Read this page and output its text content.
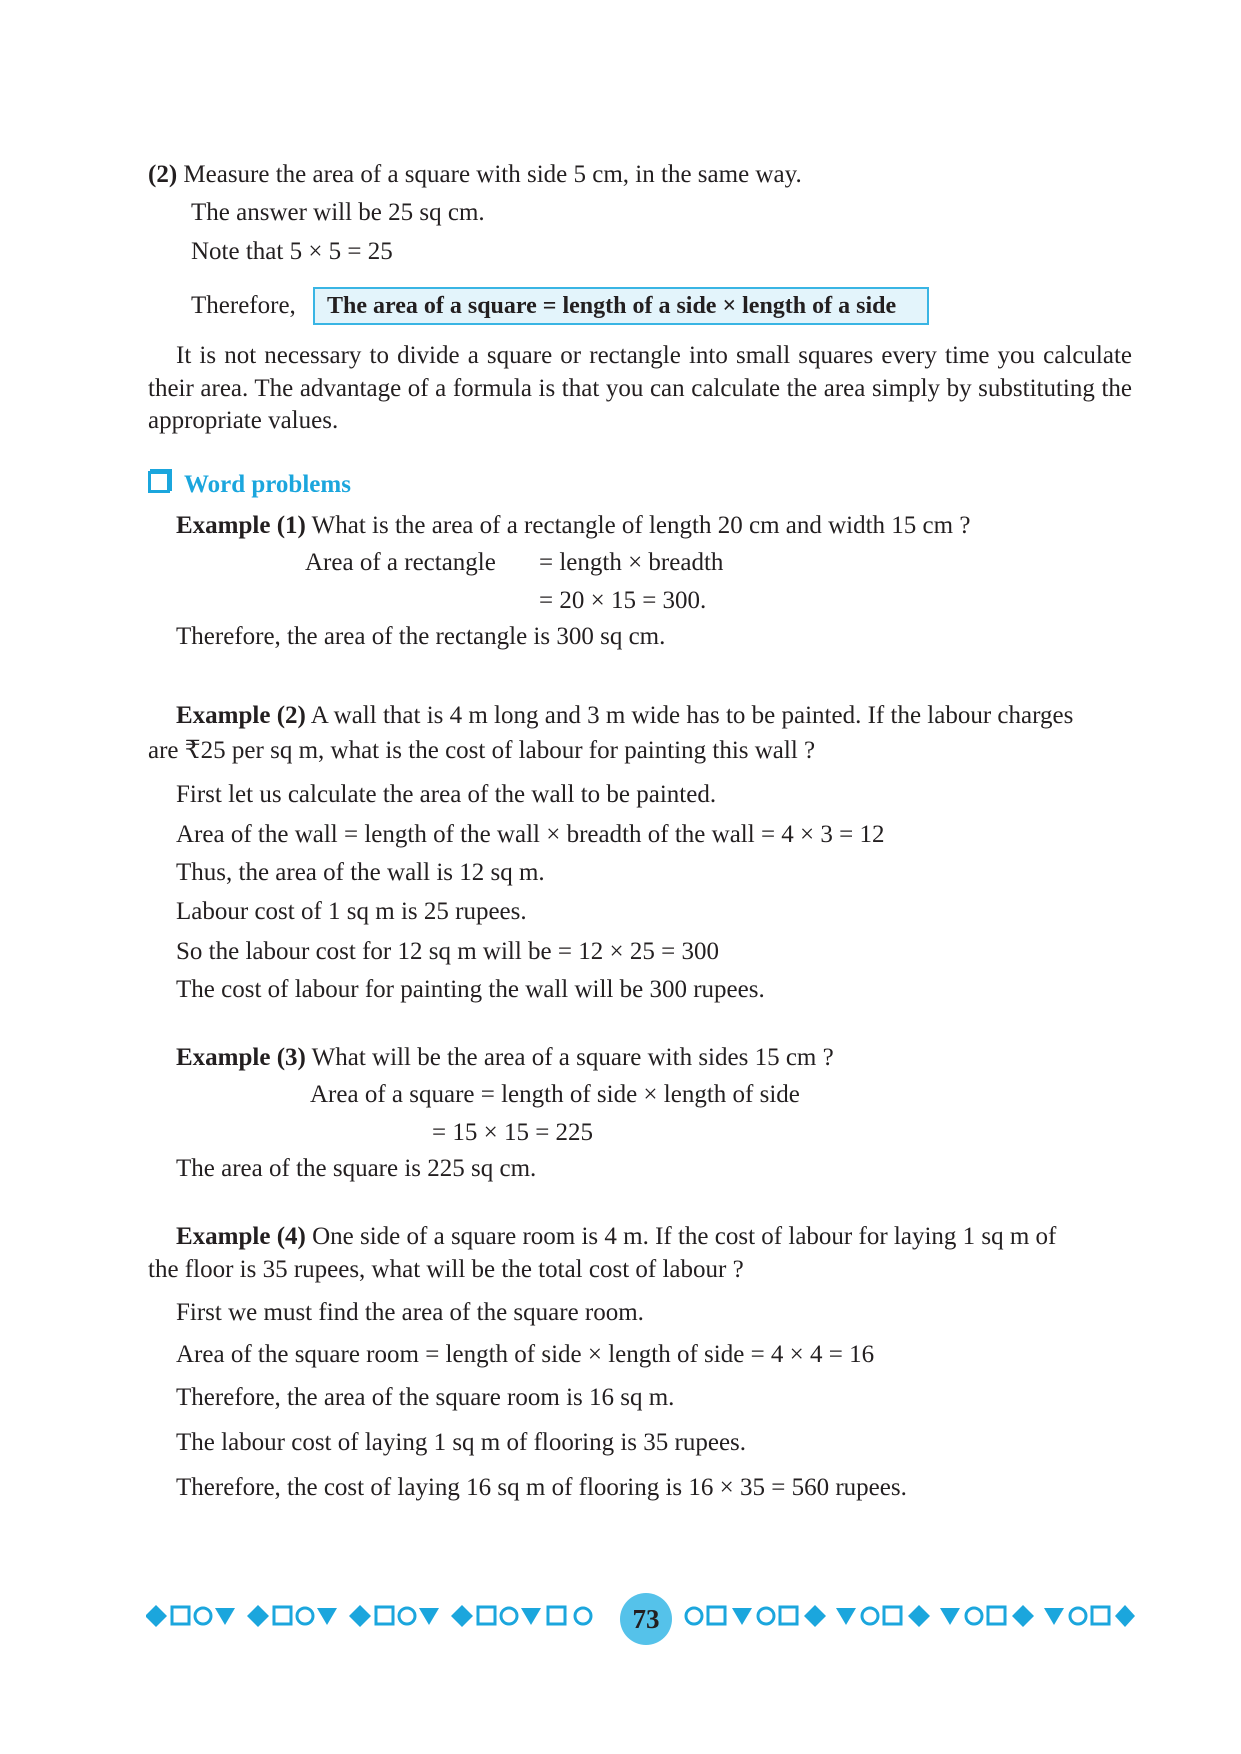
(2) Measure the area of a square with side 5 cm, in the same way.
The answer will be 25 sq cm.
Note that 5 × 5 = 25
Therefore,	The area of a square = length of a side × length of a side
It is not necessary to divide a square or rectangle into small squares every time you calculate their area. The advantage of a formula is that you can calculate the area simply by substituting the appropriate values.
Word problems
Example (1) What is the area of a rectangle of length 20 cm and width 15 cm ?
Area of a rectangle = length × breadth
= 20 × 15 = 300.
Therefore, the area of the rectangle is 300 sq cm.
Example (2) A wall that is 4 m long and 3 m wide has to be painted. If the labour charges
are ₹25 per sq m, what is the cost of labour for painting this wall ?
First let us calculate the area of the wall to be painted.
Area of the wall = length of the wall × breadth of the wall = 4 × 3 = 12
Thus, the area of the wall is 12 sq m.
Labour cost of 1 sq m is 25 rupees.
So the labour cost for 12 sq m will be = 12 × 25 = 300
The cost of labour for painting the wall will be 300 rupees.
Example (3) What will be the area of a square with sides 15 cm ?
Area of a square = length of side × length of side
= 15 × 15 = 225
The area of the square is 225 sq cm.
Example (4) One side of a square room is 4 m. If the cost of labour for laying 1 sq m of
the floor is 35 rupees, what will be the total cost of labour ?
First we must find the area of the square room.
Area of the square room = length of side × length of side = 4 × 4 = 16
Therefore, the area of the square room is 16 sq m.
The labour cost of laying 1 sq m of flooring is 35 rupees.
Therefore, the cost of laying 16 sq m of flooring is 16 × 35 = 560 rupees.
73
